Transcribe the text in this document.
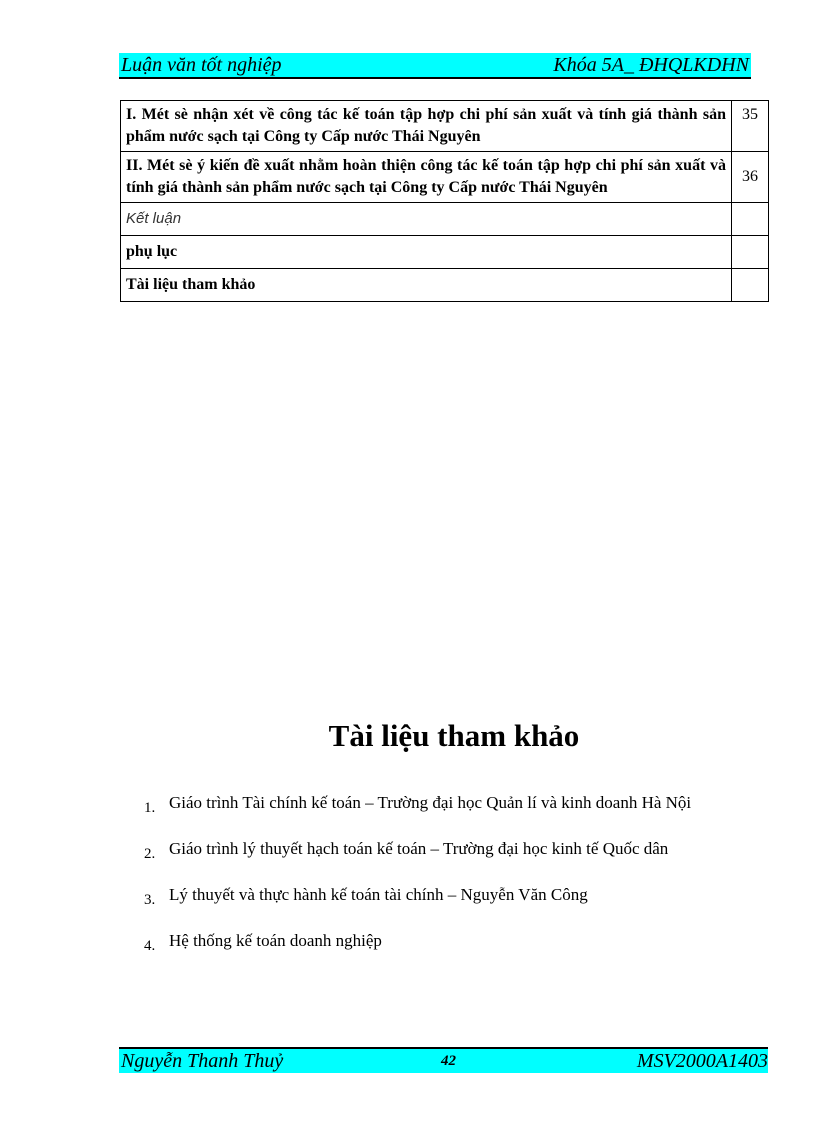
Luận văn tốt nghiệp	Khóa 5A_ ĐHQLKDHN
I. Mét sè nhận xét về công tác kế toán tập hợp chi phí sản xuất và tính giá thành sản phẩm nước sạch tại Công ty Cấp nước Thái Nguyên	35
II. Mét sè ý kiến đề xuất nhằm hoàn thiện công tác kế toán tập hợp chi phí sản xuất và tính giá thành sản phẩm nước sạch tại Công ty Cấp nước Thái Nguyên	36
Kết luận	
phụ lục	
Tài liệu tham khảo	
Tài liệu tham khảo
1. Giáo trình Tài chính kế toán – Trường đại học Quản lí và kinh doanh Hà Nội
2. Giáo trình lý thuyết hạch toán kế toán – Trường đại học kinh tế Quốc dân
3. Lý thuyết và thực hành kế toán tài chính – Nguyễn Văn Công
4. Hệ thống kế toán doanh nghiệp
Nguyễn Thanh Thuỷ	42	MSV2000A1403
